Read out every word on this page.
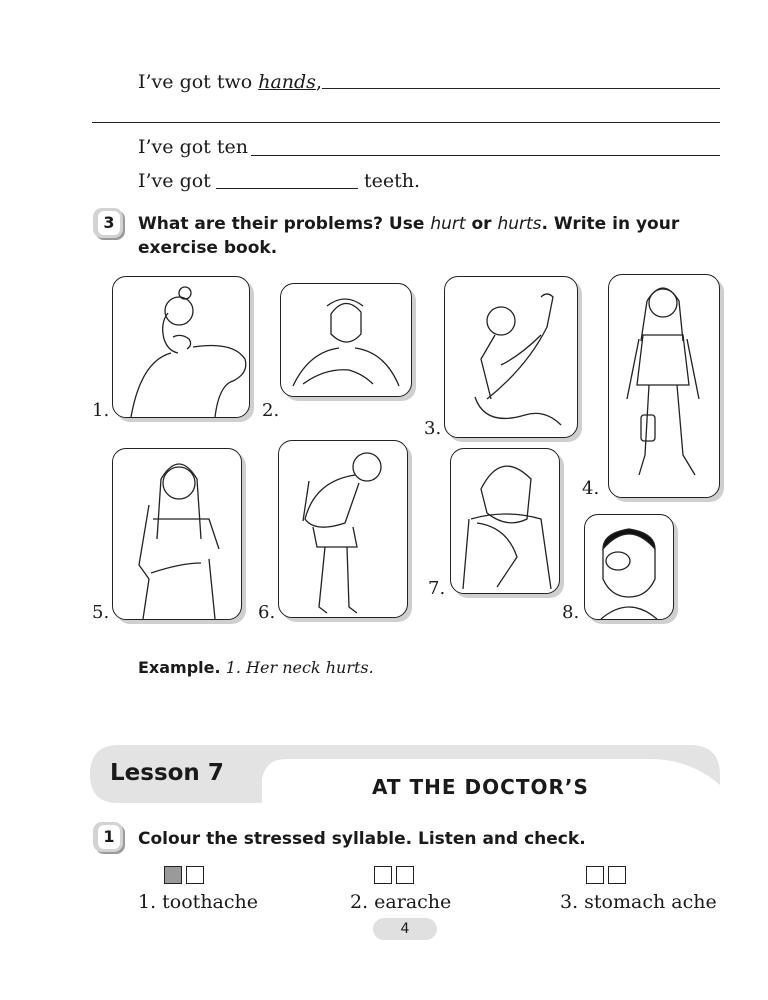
I’ve got two hands,
I’ve got ten
I’ve got	teeth.
3	What are their problems? Use hurt or hurts. Write in your exercise book.
1.	2.
3.
4.
5.	6.
7.
8.
Example. 1. Her neck hurts.
Lesson 7
AT THE DOCTOR’S
1	Colour the stressed syllable. Listen and check.
1. toothache	2. earache	3. stomach ache
4
